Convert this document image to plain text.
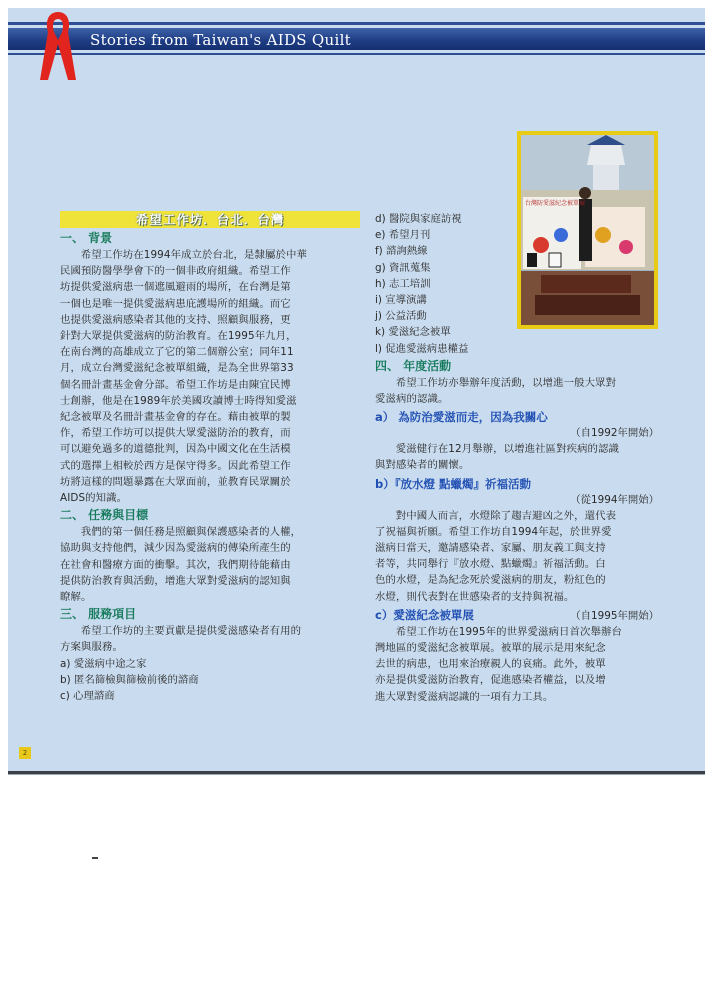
Stories from Taiwan's AIDS Quilt
台灣防愛滋紀念被單展
希望工作坊．台北．台灣
一、 背景

希望工作坊在1994年成立於台北，是隸屬於中華

民國預防醫學學會下的一個非政府組織。希望工作

坊提供愛滋病患一個遮風避雨的場所，在台灣是第

一個也是唯一提供愛滋病患庇護場所的組織。而它

也提供愛滋病感染者其他的支持、照顧與服務，更

針對大眾提供愛滋病的防治教育。在1995年九月，

在南台灣的高雄成立了它的第二個辦公室；同年11

月，成立台灣愛滋紀念被單組織，是為全世界第33

個名冊計畫基金會分部。希望工作坊是由陳宜民博

士創辦，他是在1989年於美國攻讀博士時得知愛滋

紀念被單及名冊計畫基金會的存在。藉由被單的製

作，希望工作坊可以提供大眾愛滋防治的教育，而

可以避免過多的道德批判，因為中國文化在生活模

式的選擇上相較於西方是保守得多。因此希望工作

坊將這樣的問題暴露在大眾面前，並教育民眾關於

AIDS的知識。

二、 任務與目標

我們的第一個任務是照顧與保護感染者的人權，

協助與支持他們，減少因為愛滋病的傳染所產生的

在社會和醫療方面的衝擊。其次，我們期待能藉由

提供防治教育與活動，增進大眾對愛滋病的認知與

瞭解。

三、 服務項目

希望工作坊的主要貢獻是提供愛滋感染者有用的

方案與服務。

a) 愛滋病中途之家

b) 匿名篩檢與篩檢前後的諮商

c) 心理諮商

d) 醫院與家庭訪視

e) 希望月刊

f) 諮詢熱線

g) 資訊蒐集

h) 志工培訓

i) 宣導演講

j) 公益活動

k) 愛滋紀念被單

l) 促進愛滋病患權益

四、 年度活動

希望工作坊亦舉辦年度活動，以增進一般大眾對

愛滋病的認識。

a） 為防治愛滋而走，因為我關心
（自1992年開始）

愛滋健行在12月舉辦，以增進社區對疾病的認識

與對感染者的關懷。

b）『放水燈 點蠟燭』祈福活動
（從1994年開始）

對中國人而言，水燈除了趨吉避凶之外，還代表

了祝福與祈願。希望工作坊自1994年起，於世界愛

滋病日當天，邀請感染者、家屬、朋友義工與支持

者等，共同舉行『放水燈、點蠟燭』祈福活動。白

色的水燈，是為紀念死於愛滋病的朋友，粉紅色的

水燈，則代表對在世感染者的支持與祝福。

c）愛滋紀念被單展	（自1995年開始）

希望工作坊在1995年的世界愛滋病日首次舉辦台

灣地區的愛滋紀念被單展。被單的展示是用來紀念

去世的病患，也用來治療親人的哀痛。此外，被單

亦是提供愛滋防治教育，促進感染者權益，以及增

進大眾對愛滋病認識的一項有力工具。

2
